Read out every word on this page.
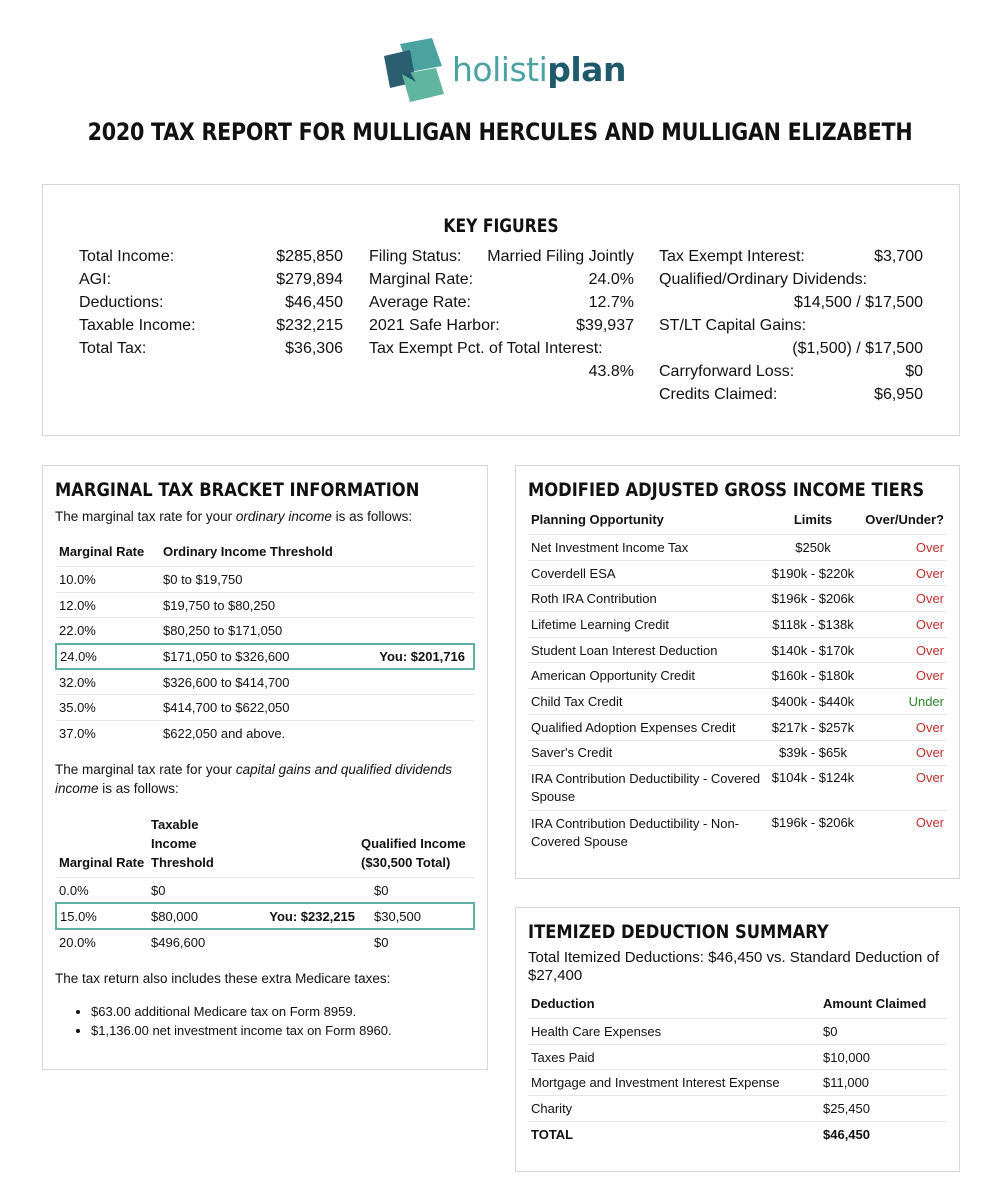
holistiplan
2020 TAX REPORT FOR MULLIGAN HERCULES AND MULLIGAN ELIZABETH
KEY FIGURES
Total Income:	$285,850
AGI:	$279,894
Deductions:	$46,450
Taxable Income:	$232,215
Total Tax:	$36,306
Filing Status: Married Filing Jointly
Marginal Rate:	24.0%
Average Rate:	12.7%
2021 Safe Harbor:	$39,937
Tax Exempt Pct. of Total Interest:
43.8%
Tax Exempt Interest:	$3,700
Qualified/Ordinary Dividends:
$14,500 / $17,500
ST/LT Capital Gains:
($1,500) / $17,500
Carryforward Loss:	$0
Credits Claimed:	$6,950
MARGINAL TAX BRACKET INFORMATION
The marginal tax rate for your ordinary income is as follows:
Marginal Rate	Ordinary Income Threshold	
10.0%	$0 to $19,750	
12.0%	$19,750 to $80,250	
22.0%	$80,250 to $171,050	
24.0%	$171,050 to $326,600	You: $201,716
32.0%	$326,600 to $414,700	
35.0%	$414,700 to $622,050	
37.0%	$622,050 and above.	
The marginal tax rate for your capital gains and qualified dividends
income is as follows:
Marginal Rate	Taxable
Income
Threshold		Qualified Income
($30,500 Total)
0.0%	$0		$0
15.0%	$80,000	You: $232,215	$30,500
20.0%	$496,600		$0
The tax return also includes these extra Medicare taxes:
• $63.00 additional Medicare tax on Form 8959.
• $1,136.00 net investment income tax on Form 8960.
MODIFIED ADJUSTED GROSS INCOME TIERS
Planning Opportunity	Limits	Over/Under?
Net Investment Income Tax	$250k	Over
Coverdell ESA	$190k - $220k	Over
Roth IRA Contribution	$196k - $206k	Over
Lifetime Learning Credit	$118k - $138k	Over
Student Loan Interest Deduction	$140k - $170k	Over
American Opportunity Credit	$160k - $180k	Over
Child Tax Credit	$400k - $440k	Under
Qualified Adoption Expenses Credit	$217k - $257k	Over
Saver's Credit	$39k - $65k	Over
IRA Contribution Deductibility - Covered Spouse	$104k - $124k	Over
IRA Contribution Deductibility - Non-Covered Spouse	$196k - $206k	Over
ITEMIZED DEDUCTION SUMMARY
Total Itemized Deductions: $46,450 vs. Standard Deduction of $27,400
Deduction	Amount Claimed
Health Care Expenses	$0
Taxes Paid	$10,000
Mortgage and Investment Interest Expense	$11,000
Charity	$25,450
TOTAL	$46,450
